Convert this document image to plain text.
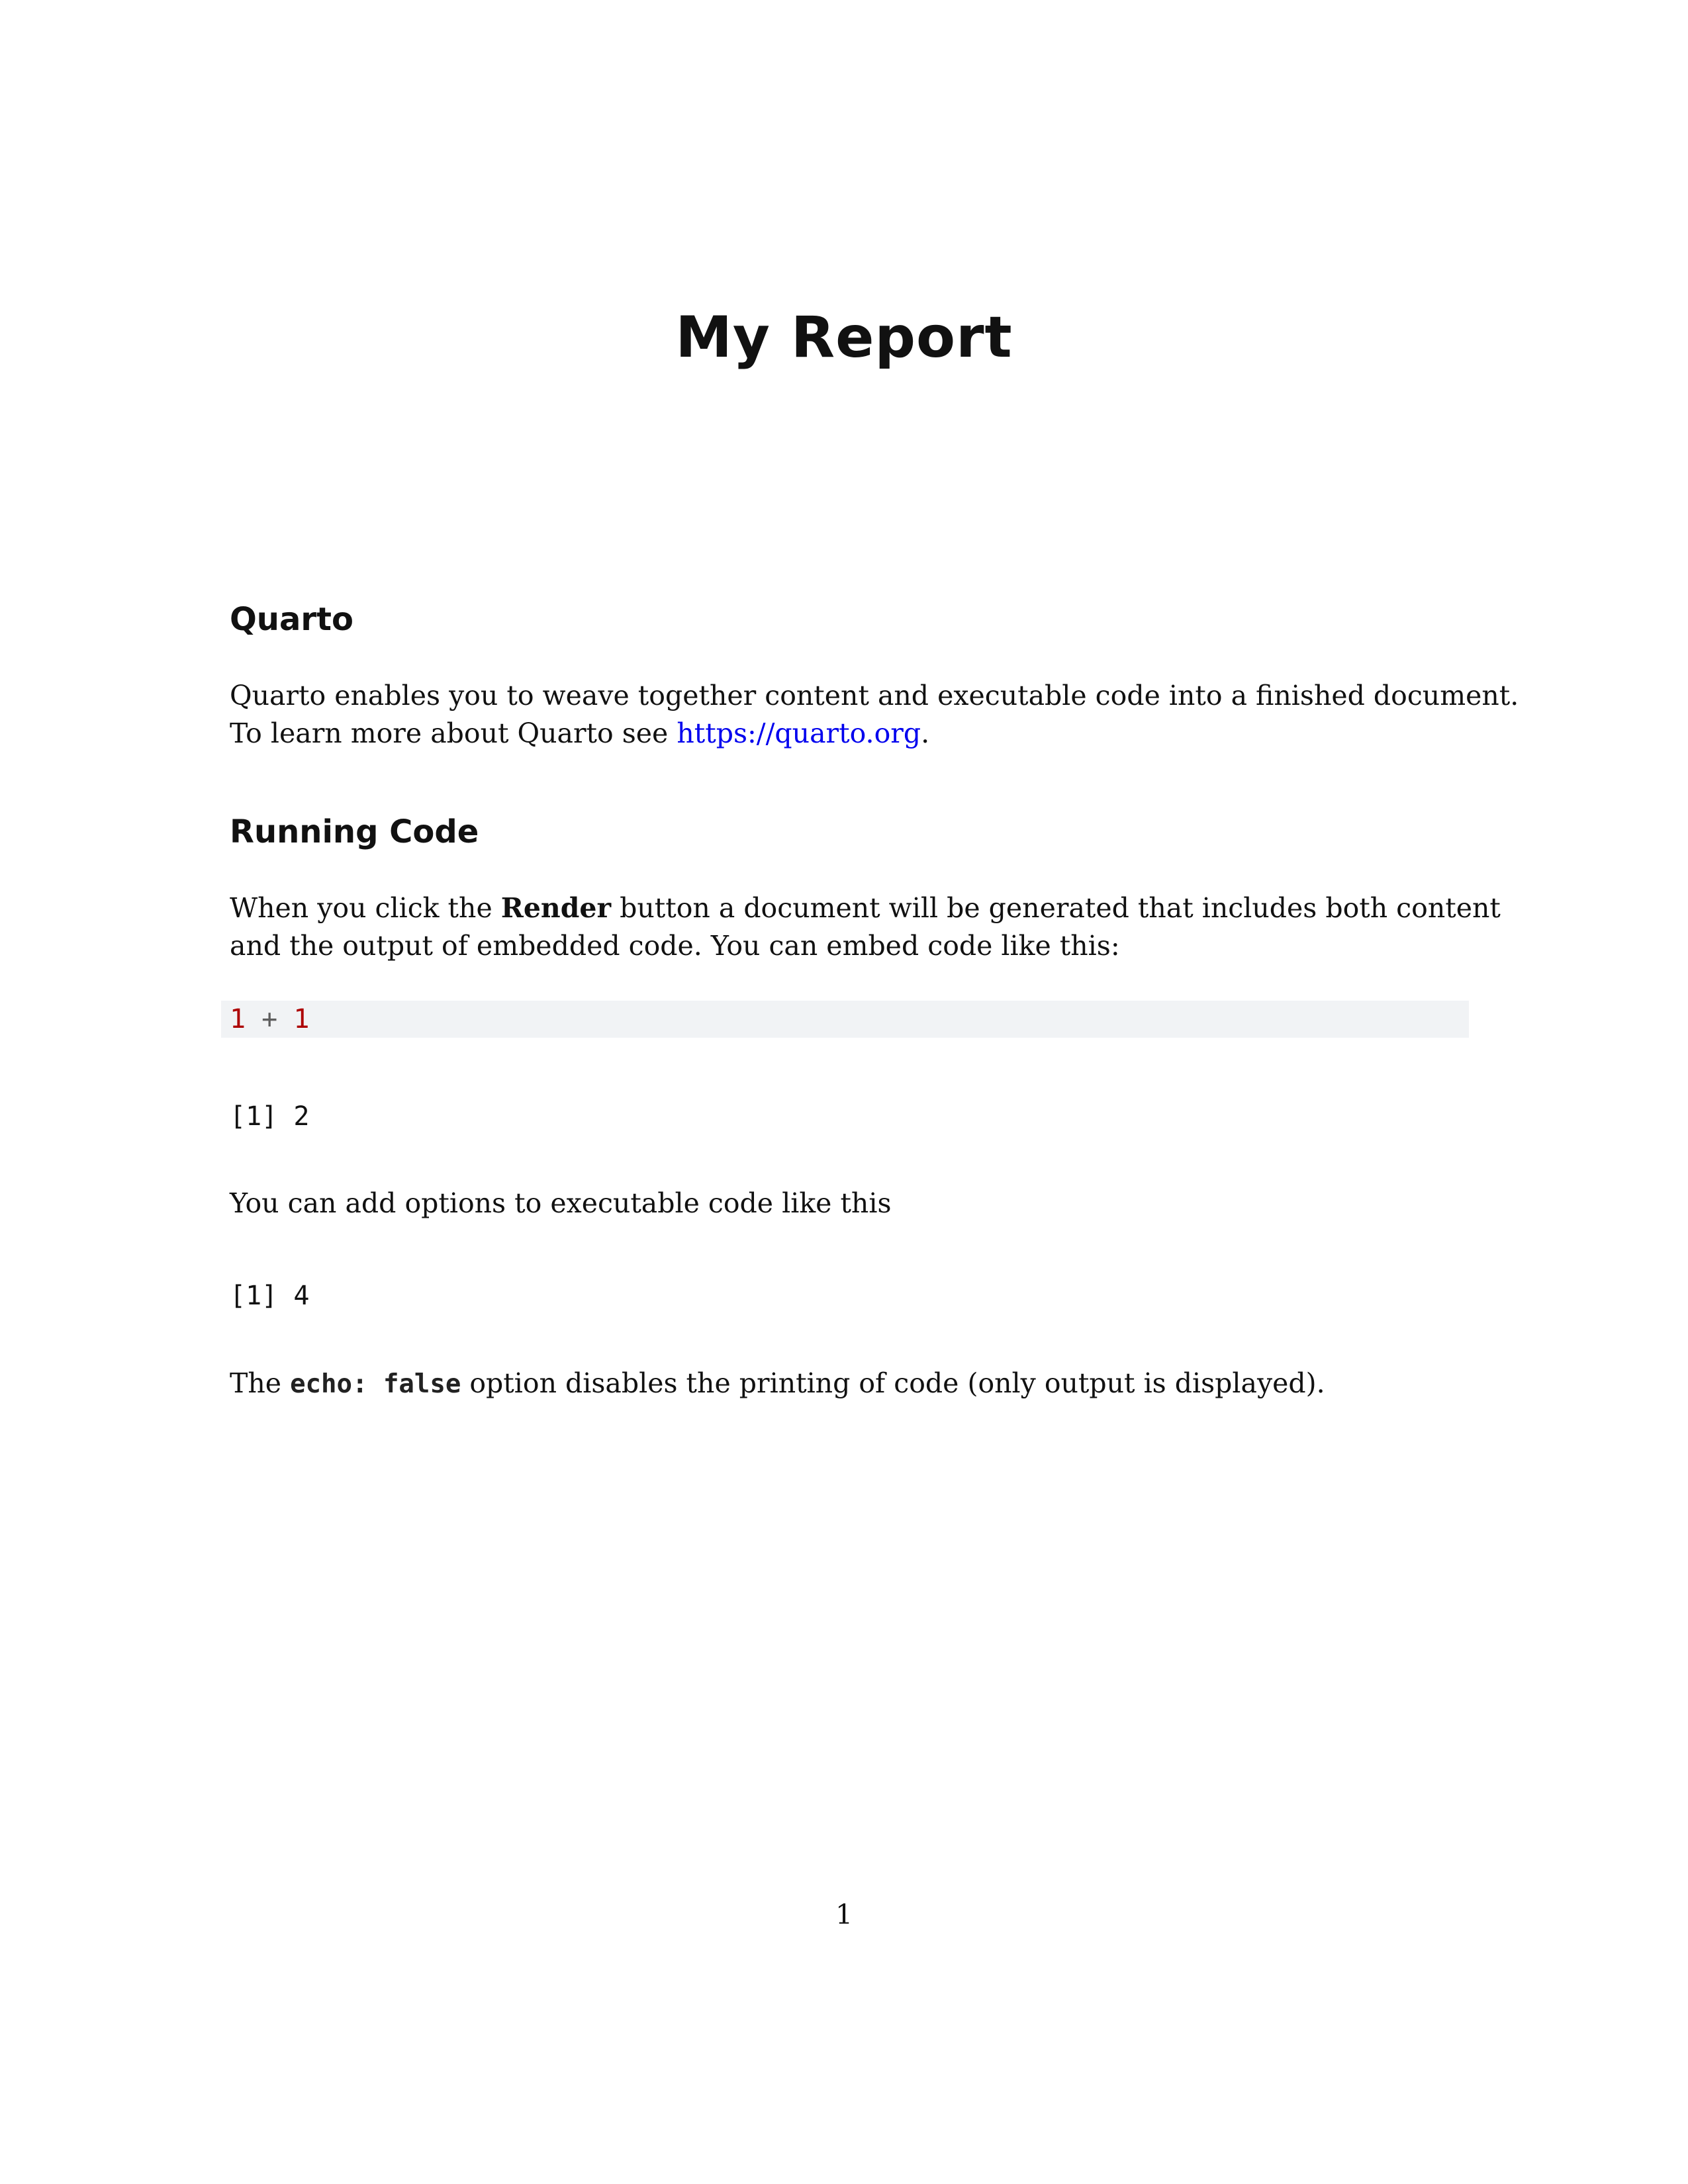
My Report
Quarto

Quarto enables you to weave together content and executable code into a finished document.

To learn more about Quarto see https://quarto.org.

Running Code

When you click the Render button a document will be generated that includes both content

and the output of embedded code. You can embed code like this:

1 + 1
[1] 2

You can add options to executable code like this

[1] 4

The echo: false option disables the printing of code (only output is displayed).

1
